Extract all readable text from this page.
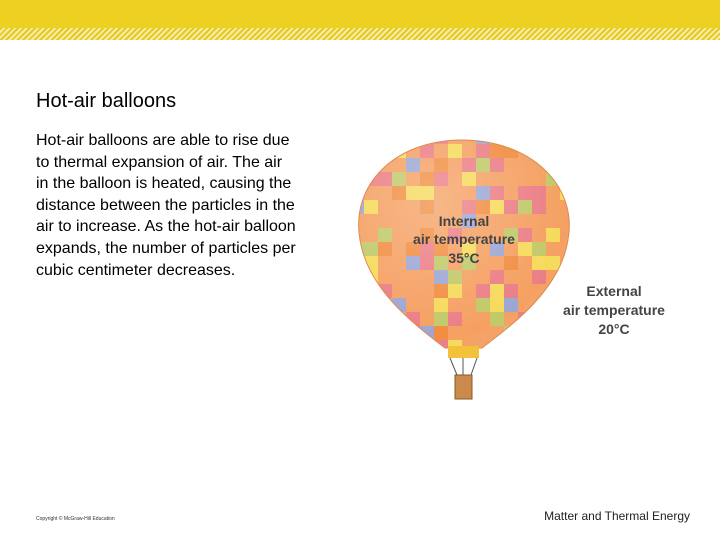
Hot-air balloons
Hot-air balloons are able to rise due to thermal expansion of air. The air in the balloon is heated, causing the distance between the particles in the air to increase. As the hot-air balloon expands, the number of particles per cubic centimeter decreases.
Internal
air temperature
35°C
External
air temperature
20°C
Copyright © McGraw-Hill Education	Matter and Thermal Energy
